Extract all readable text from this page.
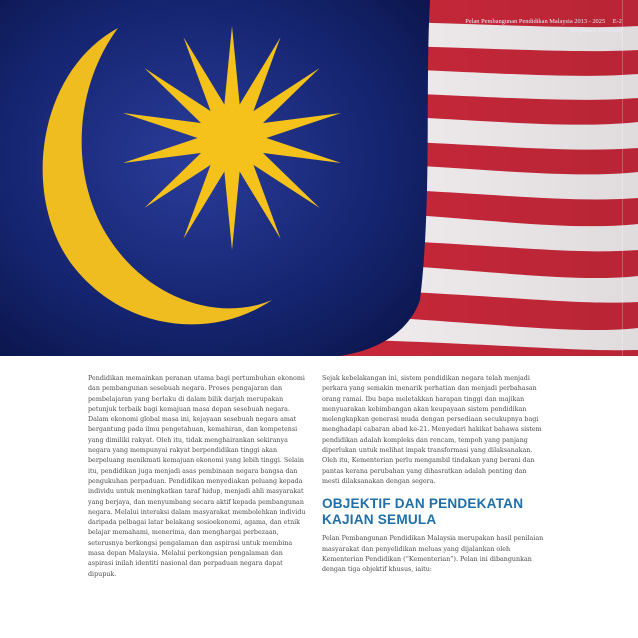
Pelan Pembangunan Pendidikan Malaysia 2013 - 2025 E-2
Ringkasan Eksekutif

Pendidikan memainkan peranan utama bagi pertumbuhan ekonomi dan pembangunan sesebuah negara. Proses pengajaran dan pembelajaran yang berlaku di dalam bilik darjah merupakan petunjuk terbaik bagi kemajuan masa depan sesebuah negara. Dalam ekonomi global masa ini, kejayaan sesebuah negara amat bergantung pada ilmu pengetahuan, kemahiran, dan kompetensi yang dimiliki rakyat. Oleh itu, tidak menghairankan sekiranya negara yang mempunyai rakyat berpendidikan tinggi akan berpeluang menikmati kemajuan ekonomi yang lebih tinggi. Selain itu, pendidikan juga menjadi asas pembinaan negara bangsa dan pengukuhan perpaduan. Pendidikan menyediakan peluang kepada individu untuk meningkatkan taraf hidup, menjadi ahli masyarakat yang berjaya, dan menyumbang secara aktif kepada pembangunan negara. Melalui interaksi dalam masyarakat membolehkan individu daripada pelbagai latar belakang sosioekonomi, agama, dan etnik belajar memahami, menerima, dan menghargai perbezaan, seterusnya berkongsi pengalaman dan aspirasi untuk membina masa depan Malaysia. Melalui perkongsian pengalaman dan aspirasi inilah identiti nasional dan perpaduan negara dapat dipupuk.

Sejak kebelakangan ini, sistem pendidikan negara telah menjadi perkara yang semakin menarik perhatian dan menjadi perbahasan orang ramai. Ibu bapa meletakkan harapan tinggi dan majikan menyuarakan kebimbangan akan keupayaan sistem pendidikan melengkapkan generasi muda dengan persediaan secukupnya bagi menghadapi cabaran abad ke-21. Menyedari hakikat bahawa sistem pendidikan adalah kompleks dan rencam, tempoh yang panjang diperlukan untuk melihat impak transformasi yang dilaksanakan. Oleh itu, Kementerian perlu mengambil tindakan yang berani dan pantas kerana perubahan yang dihasratkan adalah penting dan mesti dilaksanakan dengan segera.

OBJEKTIF DAN PENDEKATAN KAJIAN SEMULA

Pelan Pembangunan Pendidikan Malaysia merupakan hasil penilaian masyarakat dan penyelidikan meluas yang dijalankan oleh Kementerian Pendidikan (“Kementerian”). Pelan ini dibangunkan dengan tiga objektif khusus, iaitu:
